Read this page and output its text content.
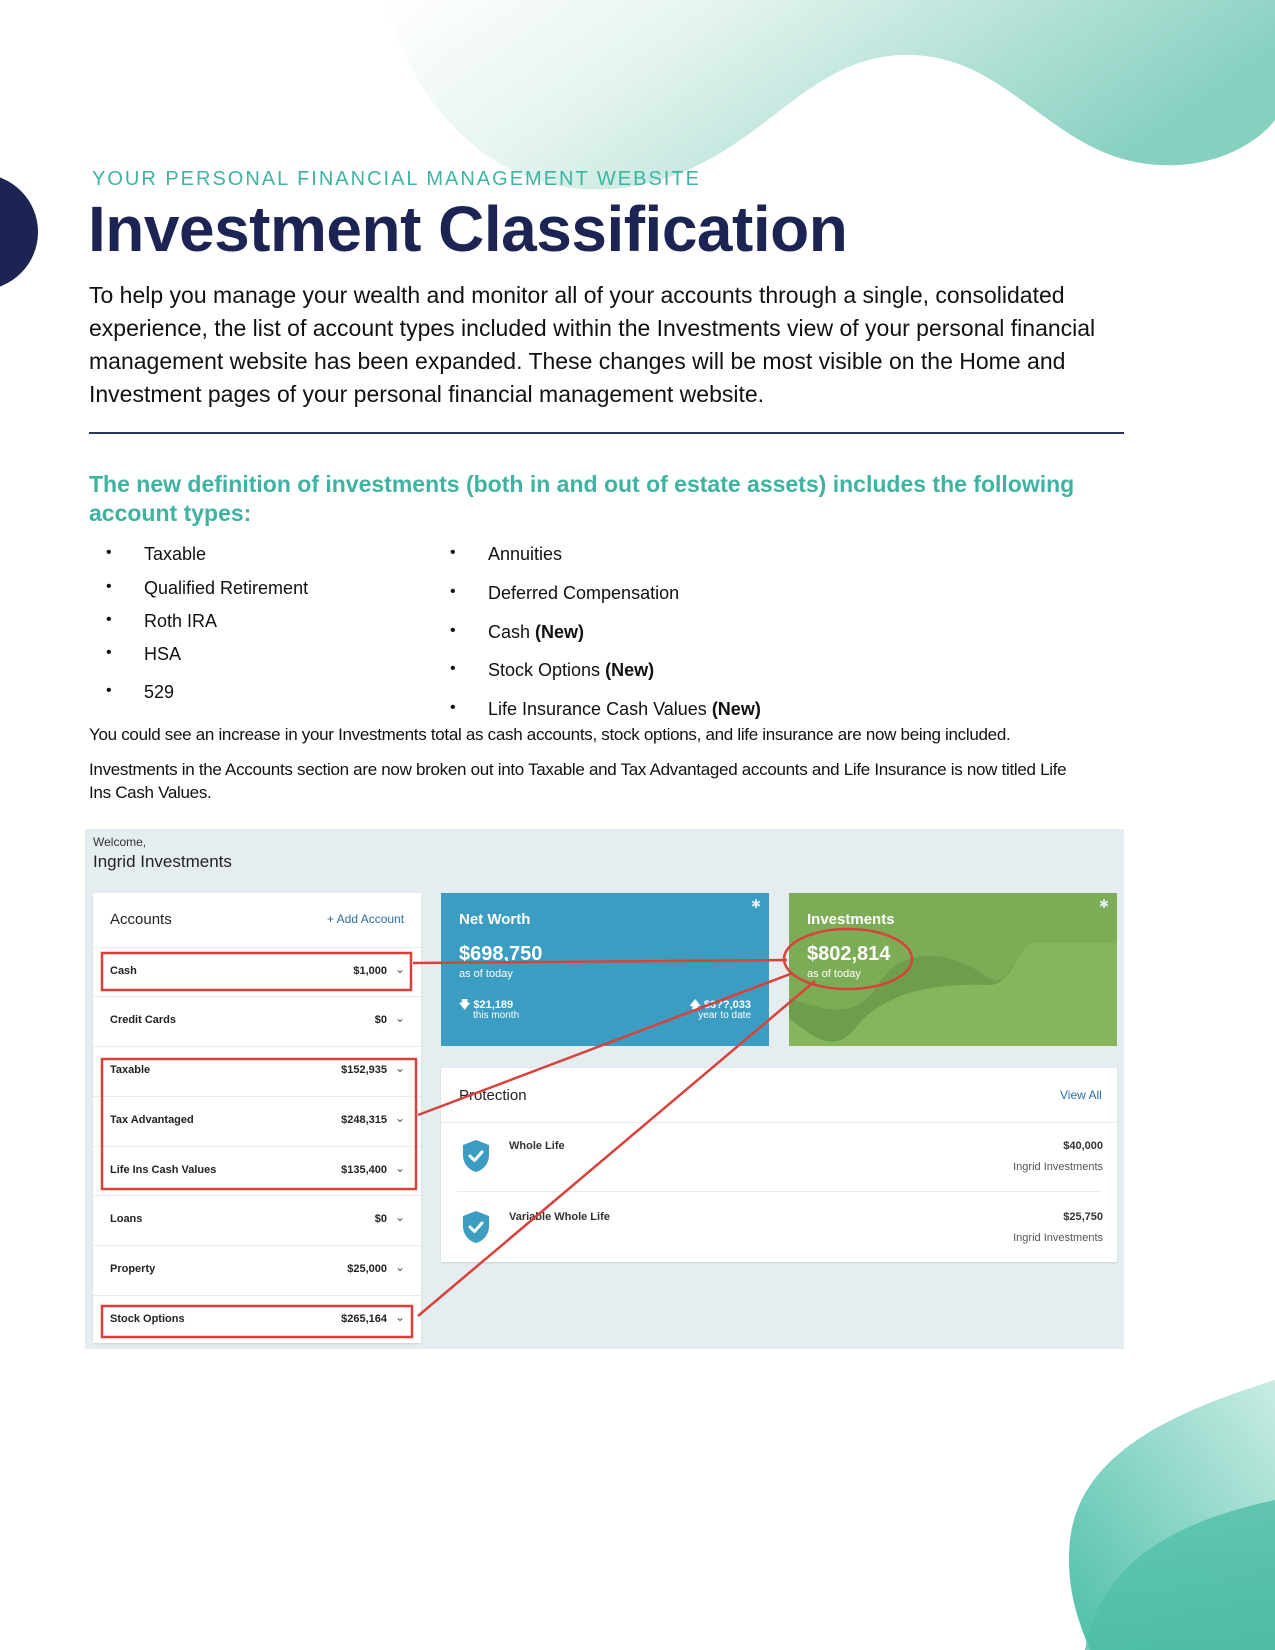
YOUR PERSONAL FINANCIAL MANAGEMENT WEBSITE
Investment Classification

To help you manage your wealth and monitor all of your accounts through a single, consolidated experience, the list of account types included within the Investments view of your personal financial management website has been expanded. These changes will be most visible on the Home and Investment pages of your personal financial management website.

The new definition of investments (both in and out of estate assets) includes the following account types:

• Taxable
• Qualified Retirement
• Roth IRA
• HSA
• 529
• Annuities
• Deferred Compensation
• Cash (New)
• Stock Options (New)
• Life Insurance Cash Values (New)

You could see an increase in your Investments total as cash accounts, stock options, and life insurance are now being included.

Investments in the Accounts section are now broken out into Taxable and Tax Advantaged accounts and Life Insurance is now titled Life Ins Cash Values.

Welcome,
Ingrid Investments
Accounts	+ Add Account
Cash	$1,000 ⌄
Credit Cards	$0 ⌄
Taxable	$152,935 ⌄
Tax Advantaged	$248,315 ⌄
Life Ins Cash Values	$135,400 ⌄
Loans	$0 ⌄
Property	$25,000 ⌄
Stock Options	$265,164 ⌄
Net Worth
✱
$698,750
as of today
🡇 $21,189
this month
🡅 $3??,033
year to date
Investments
✱
$802,814
as of today
Protection	View All
Whole Life	$40,000
Ingrid Investments
Variable Whole Life	$25,750
Ingrid Investments
